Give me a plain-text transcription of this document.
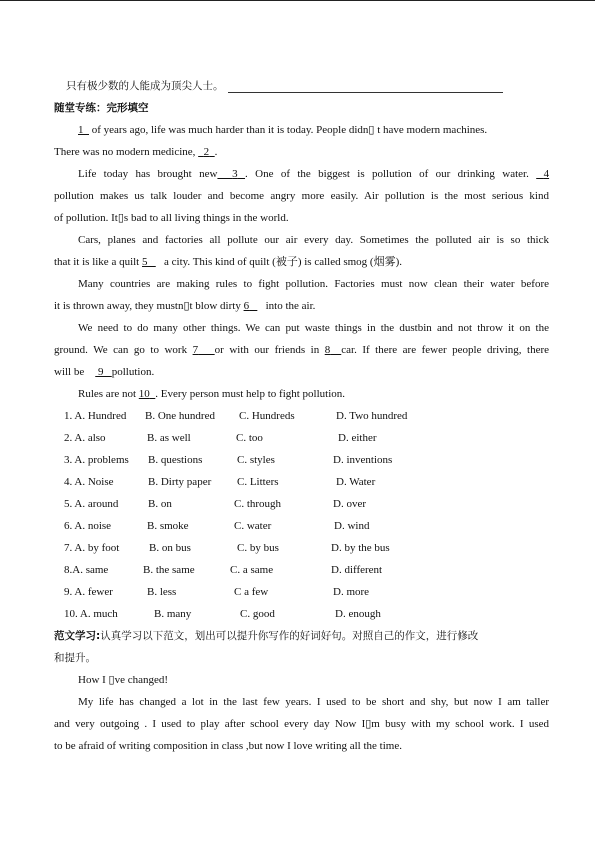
只有极少数的人能成为顶尖人士。
随堂专练：完形填空
1   of years ago, life was much harder than it is today. People didn▯ t have modern machines.
There was no modern medicine, 2 .
Life today has brought new 3 . One of the biggest is pollution of our drinking water. 4
pollution makes us talk louder and become angry more easily. Air pollution is the most serious kind
of pollution. It▯s bad to all living things in the world.
Cars, planes and factories all pollute our air every day. Sometimes the polluted air is so thick
that it is like a quilt 5 a city. This kind of quilt (被子) is called smog (烟雾).
Many countries are making rules to fight pollution. Factories must now clean their water before
it is thrown away, they mustn▯t blow dirty 6 into the air.
We need to do many other things. We can put waste things in the dustbin and not throw it on the
ground. We can go to work 7 or with our friends in 8 car. If there are fewer people driving, there
will be 9 pollution.
Rules are not 10 . Every person must help to fight pollution.
1. A. Hundred B. One hundred C. Hundreds	D. Two hundred
2. A. also	B. as well	C. too	D. either
3. A. problems B. questions	C. styles	D. inventions
4. A. Noise	B. Dirty paper C. Litters	D. Water
5. A. around	B. on	C. through	D. over
6. A. noise	B. smoke	C. water	D. wind
7. A. by foot	B. on bus	C. by bus	D. by the bus
8.A. same	B. the same	C. a same	D. different
9. A. fewer	B. less	C a few	D. more
10. A. much	B. many	C. good	D. enough
范文学习:认真学习以下范文，划出可以提升你写作的好词好句。对照自己的作文，进行修改
和提升。
How I ▯ve changed!
My life has changed a lot in the last few years. I used to be short and shy, but now I am taller
and very outgoing . I used to play after school every day Now I▯m busy with my school work. I used
to be afraid of writing composition in class ,but now I love writing all the time.
